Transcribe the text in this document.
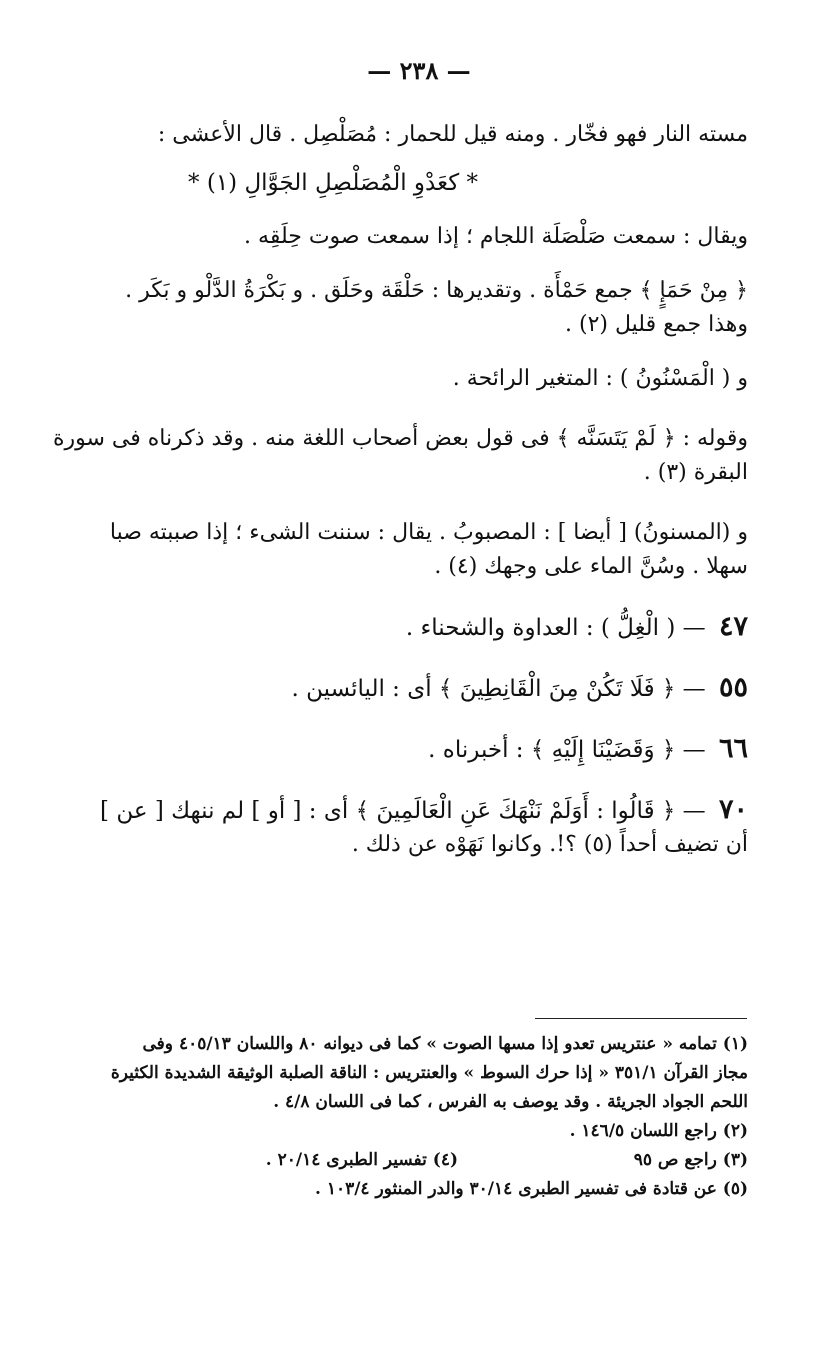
— ٢٣٨ —

مسته النار فهو فخّار . ومنه قيل للحمار : مُصَلْصِل . قال الأعشى :

* كعَدْوِ الْمُصَلْصِلِ الجَوَّالِ (١) *

ويقال : سمعت صَلْصَلَة اللجام ؛ إذا سمعت صوت حِلَقِه .

﴿ مِنْ حَمَإٍ ﴾ جمع حَمْأَة . وتقديرها : حَلْقَة وحَلَق . و بَكْرَةُ الدَّلْو و بَكَر .

وهذا جمع قليل (٢) .

و ( الْمَسْنُونُ ) : المتغير الرائحة .

وقوله : ﴿ لَمْ يَتَسَنَّه ﴾ فى قول بعض أصحاب اللغة منه . وقد ذكرناه فى سورة

البقرة (٣) .

و (المسنونُ) [ أيضا ] : المصبوبُ . يقال : سننت الشىء ؛ إذا صببته صبا

سهلا . وسُنَّ الماء على وجهك (٤) .

٤٧ — ( الْغِلُّ ) : العداوة والشحناء .

٥٥ — ﴿ فَلَا تَكُنْ مِنَ الْقَانِطِينَ ﴾ أى : اليائسين .

٦٦ — ﴿ وَقَضَيْنَا إِلَيْهِ ﴾ : أخبرناه .

٧٠ — ﴿ قَالُوا : أَوَلَمْ نَنْهَكَ عَنِ الْعَالَمِينَ ﴾ أى : [ أو ] لم ننهك [ عن ]

أن تضيف أحداً (٥) ؟!. وكانوا نَهَوْه عن ذلك .

(١) تمامه « عنتريس تعدو إذا مسها الصوت » كما فى ديوانه ٨٠ واللسان ٤٠٥/١٣ وفى

مجاز القرآن ٣٥١/١ « إذا حرك السوط » والعنتريس : الناقة الصلبة الوثيقة الشديدة الكثيرة

اللحم الجواد الجريئة . وقد يوصف به الفرس ، كما فى اللسان ٤/٨ .

(٢) راجع اللسان ١٤٦/٥ .

(٣) راجع ص ٩٥
(٤) تفسير الطبرى ٢٠/١٤ .

(٥) عن قتادة فى تفسير الطبرى ٣٠/١٤ والدر المنثور ١٠٣/٤ .
